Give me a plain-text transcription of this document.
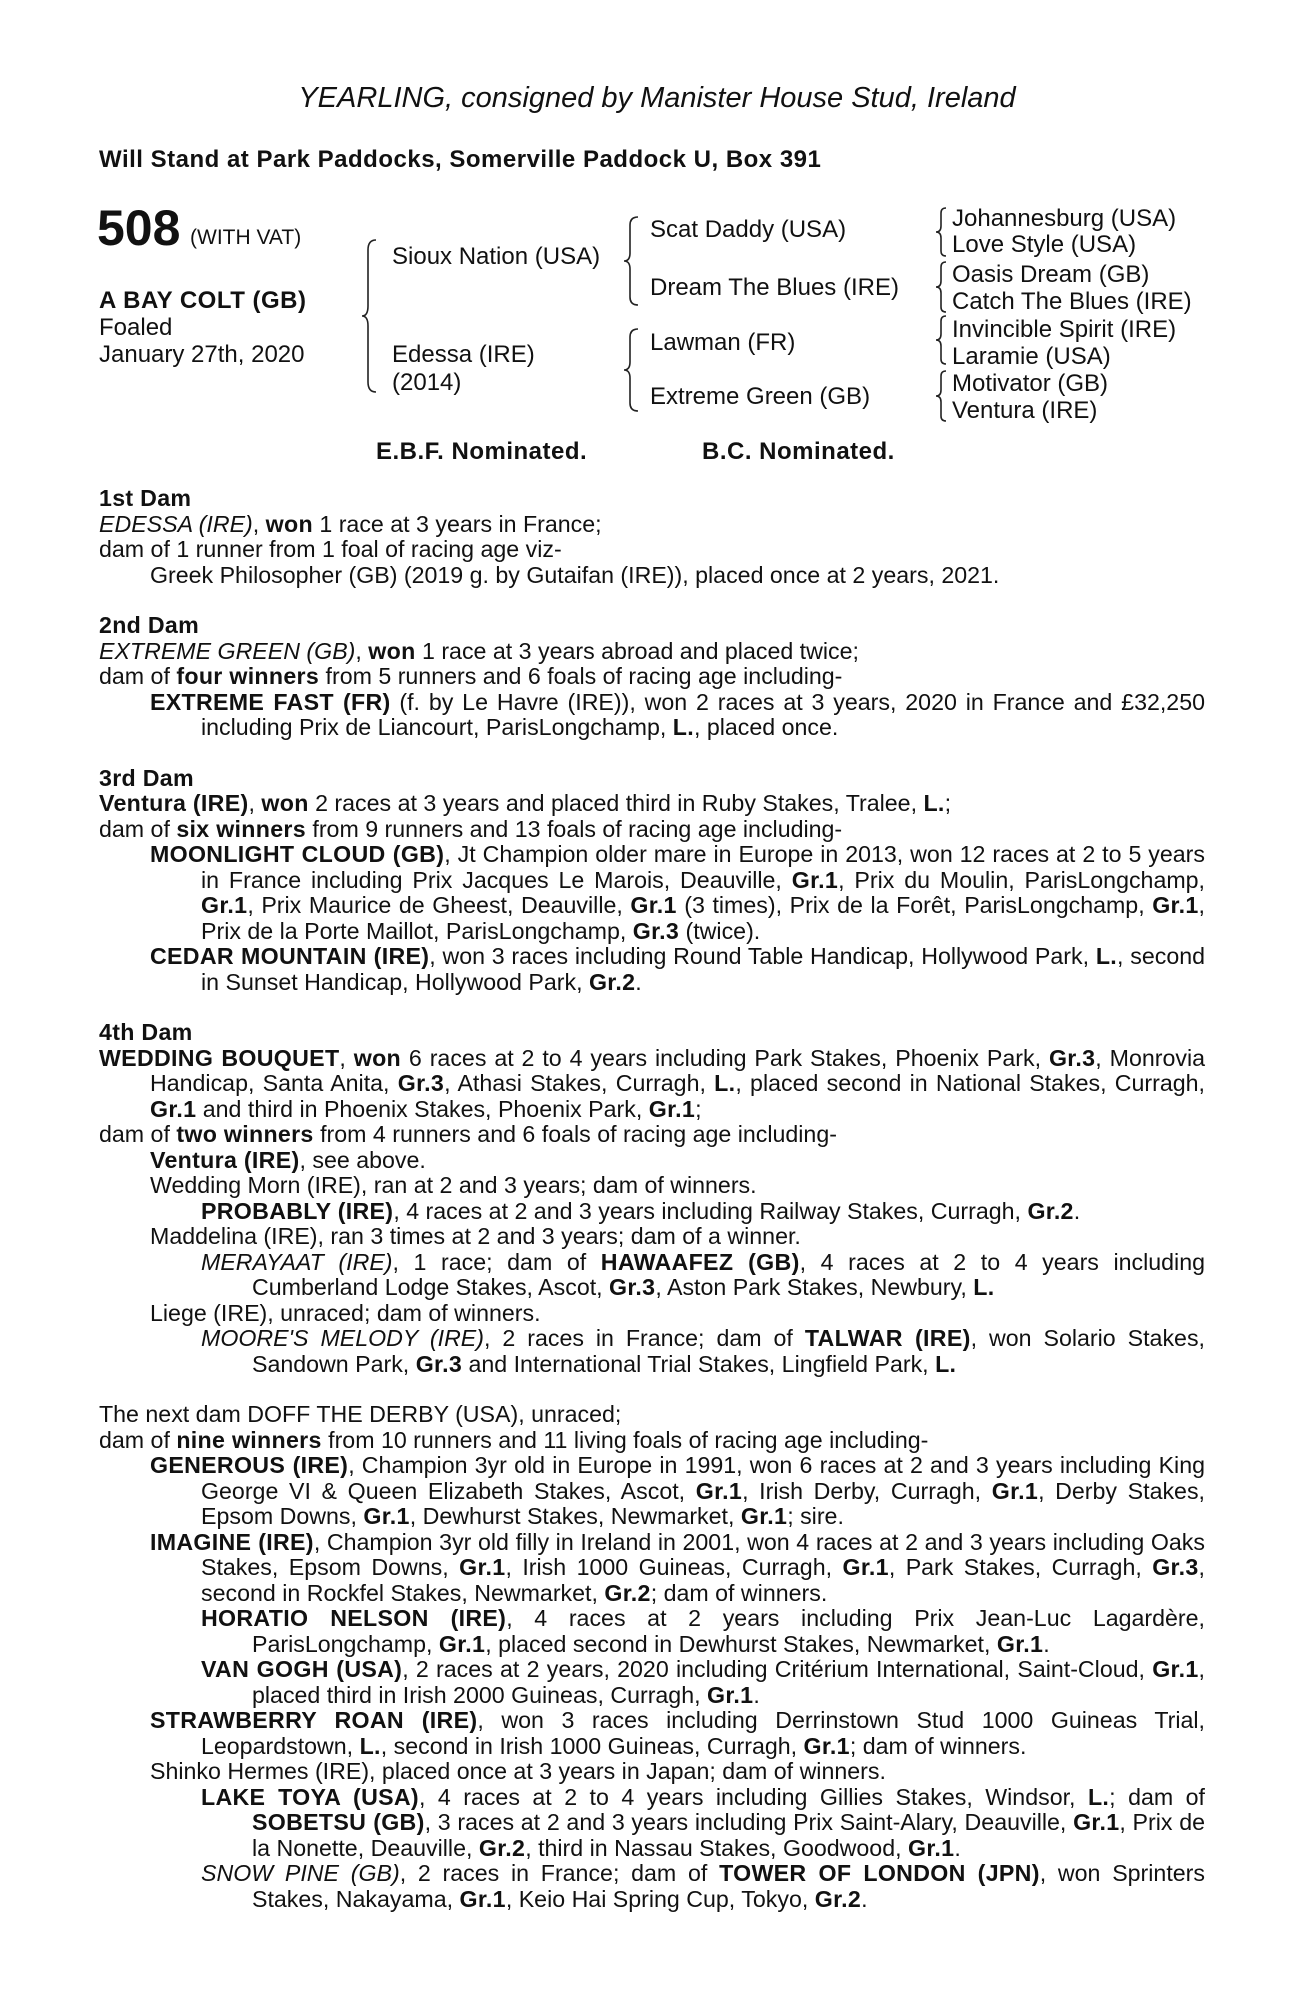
YEARLING, consigned by Manister House Stud, Ireland
Will Stand at Park Paddocks, Somerville Paddock U, Box 391
508 (WITH VAT)
A BAY COLT (GB)
Foaled
January 27th, 2020
Sioux Nation (USA)
Edessa (IRE)
(2014)
Scat Daddy (USA)
Dream The Blues (IRE)
Lawman (FR)
Extreme Green (GB)
Johannesburg (USA)
Love Style (USA)
Oasis Dream (GB)
Catch The Blues (IRE)
Invincible Spirit (IRE)
Laramie (USA)
Motivator (GB)
Ventura (IRE)
E.B.F. Nominated.	B.C. Nominated.
1st Dam
EDESSA (IRE), won 1 race at 3 years in France;
dam of 1 runner from 1 foal of racing age viz-
Greek Philosopher (GB) (2019 g. by Gutaifan (IRE)), placed once at 2 years, 2021.
2nd Dam
EXTREME GREEN (GB), won 1 race at 3 years abroad and placed twice;
dam of four winners from 5 runners and 6 foals of racing age including-
EXTREME FAST (FR) (f. by Le Havre (IRE)), won 2 races at 3 years, 2020 in France and £32,250 including Prix de Liancourt, ParisLongchamp, L., placed once.
3rd Dam
Ventura (IRE), won 2 races at 3 years and placed third in Ruby Stakes, Tralee, L.;
dam of six winners from 9 runners and 13 foals of racing age including-
MOONLIGHT CLOUD (GB), Jt Champion older mare in Europe in 2013, won 12 races at 2 to 5 years in France including Prix Jacques Le Marois, Deauville, Gr.1, Prix du Moulin, ParisLongchamp, Gr.1, Prix Maurice de Gheest, Deauville, Gr.1 (3 times), Prix de la Forêt, ParisLongchamp, Gr.1, Prix de la Porte Maillot, ParisLongchamp, Gr.3 (twice).
CEDAR MOUNTAIN (IRE), won 3 races including Round Table Handicap, Hollywood Park, L., second in Sunset Handicap, Hollywood Park, Gr.2.
4th Dam
WEDDING BOUQUET, won 6 races at 2 to 4 years including Park Stakes, Phoenix Park, Gr.3, Monrovia Handicap, Santa Anita, Gr.3, Athasi Stakes, Curragh, L., placed second in National Stakes, Curragh, Gr.1 and third in Phoenix Stakes, Phoenix Park, Gr.1;
dam of two winners from 4 runners and 6 foals of racing age including-
Ventura (IRE), see above.
Wedding Morn (IRE), ran at 2 and 3 years; dam of winners.
PROBABLY (IRE), 4 races at 2 and 3 years including Railway Stakes, Curragh, Gr.2.
Maddelina (IRE), ran 3 times at 2 and 3 years; dam of a winner.
MERAYAAT (IRE), 1 race; dam of HAWAAFEZ (GB), 4 races at 2 to 4 years including Cumberland Lodge Stakes, Ascot, Gr.3, Aston Park Stakes, Newbury, L.
Liege (IRE), unraced; dam of winners.
MOORE'S MELODY (IRE), 2 races in France; dam of TALWAR (IRE), won Solario Stakes, Sandown Park, Gr.3 and International Trial Stakes, Lingfield Park, L.
The next dam DOFF THE DERBY (USA), unraced;
dam of nine winners from 10 runners and 11 living foals of racing age including-
GENEROUS (IRE), Champion 3yr old in Europe in 1991, won 6 races at 2 and 3 years including King George VI & Queen Elizabeth Stakes, Ascot, Gr.1, Irish Derby, Curragh, Gr.1, Derby Stakes, Epsom Downs, Gr.1, Dewhurst Stakes, Newmarket, Gr.1; sire.
IMAGINE (IRE), Champion 3yr old filly in Ireland in 2001, won 4 races at 2 and 3 years including Oaks Stakes, Epsom Downs, Gr.1, Irish 1000 Guineas, Curragh, Gr.1, Park Stakes, Curragh, Gr.3, second in Rockfel Stakes, Newmarket, Gr.2; dam of winners.
HORATIO NELSON (IRE), 4 races at 2 years including Prix Jean-Luc Lagardère, ParisLongchamp, Gr.1, placed second in Dewhurst Stakes, Newmarket, Gr.1.
VAN GOGH (USA), 2 races at 2 years, 2020 including Critérium International, Saint-Cloud, Gr.1, placed third in Irish 2000 Guineas, Curragh, Gr.1.
STRAWBERRY ROAN (IRE), won 3 races including Derrinstown Stud 1000 Guineas Trial, Leopardstown, L., second in Irish 1000 Guineas, Curragh, Gr.1; dam of winners.
Shinko Hermes (IRE), placed once at 3 years in Japan; dam of winners.
LAKE TOYA (USA), 4 races at 2 to 4 years including Gillies Stakes, Windsor, L.; dam of SOBETSU (GB), 3 races at 2 and 3 years including Prix Saint-Alary, Deauville, Gr.1, Prix de la Nonette, Deauville, Gr.2, third in Nassau Stakes, Goodwood, Gr.1.
SNOW PINE (GB), 2 races in France; dam of TOWER OF LONDON (JPN), won Sprinters Stakes, Nakayama, Gr.1, Keio Hai Spring Cup, Tokyo, Gr.2.
